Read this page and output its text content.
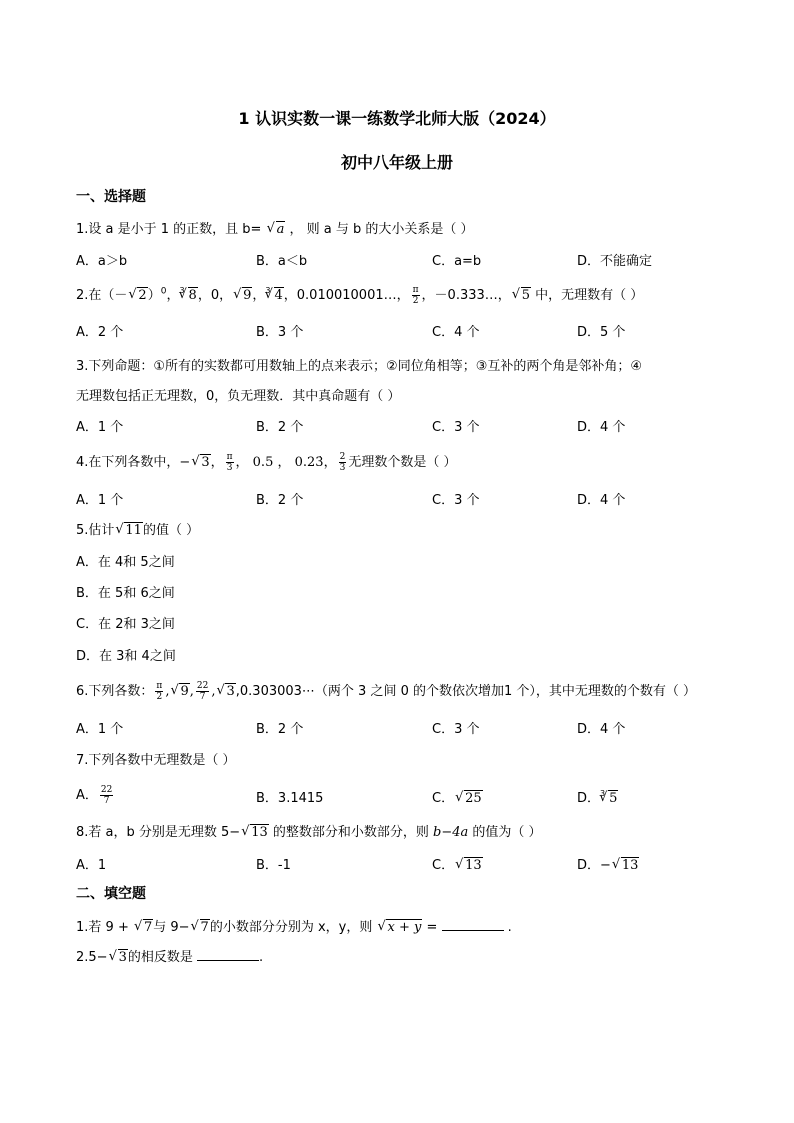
1 认识实数一课一练数学北师大版（2024）
初中八年级上册
一、选择题
1.设 a 是小于 1 的正数，且 b= √ a ， 则 a 与 b 的大小关系是（ ）
A．a＞b	B．a＜b	C．a=b	D．不能确定
2.在（－ √ 2）$^0$，$^3$ √ 8，0， √ 9，$^3$ √ 4，0.010010001…， $\frac{\pi}{2}$ ，－0.333…， √ 5 中，无理数有（ ）
A．2 个	B．3 个	C．4 个	D．5 个
3.下列命题：①所有的实数都可用数轴上的点来表示；②同位角相等；③互补的两个角是邻补角；④
无理数包括正无理数，0，负无理数．其中真命题有（ ）
A．1 个	B．2 个	C．3 个	D．4 个
4.在下列各数中，− √ 3， $\frac{\pi}{3}$ ， 0.5 ， 0.23̇， $\frac{2}{3}$ 无理数个数是（ ）
A．1 个	B．2 个	C．3 个	D．4 个
5.估计 √ 11的值（ ）
A．在 4和 5之间
B．在 5和 6之间
C．在 2和 3之间
D．在 3和 4之间
6.下列各数： $\frac{\pi}{2}$ , √ 9, $\frac{22}{7}$ , √ 3,0.303003⋯（两个 3 之间 0 的个数依次增加1 个），其中无理数的个数有（ ）
A．1 个	B．2 个	C．3 个	D．4 个
7.下列各数中无理数是（ ）
A． $\frac{22}{7}$	B．3.1415	C． √ 25	D．$^3$ √ 5
8.若 a，b 分别是无理数 5− √ 13 的整数部分和小数部分，则 b−4a 的值为（ ）
A．1	B．-1	C． √ 13	D．− √ 13
二、填空题
1.若 9 + √ 7与 9− √ 7的小数部分分别为 x，y，则 √ x + y =	.
2.5− √ 3的相反数是	.
